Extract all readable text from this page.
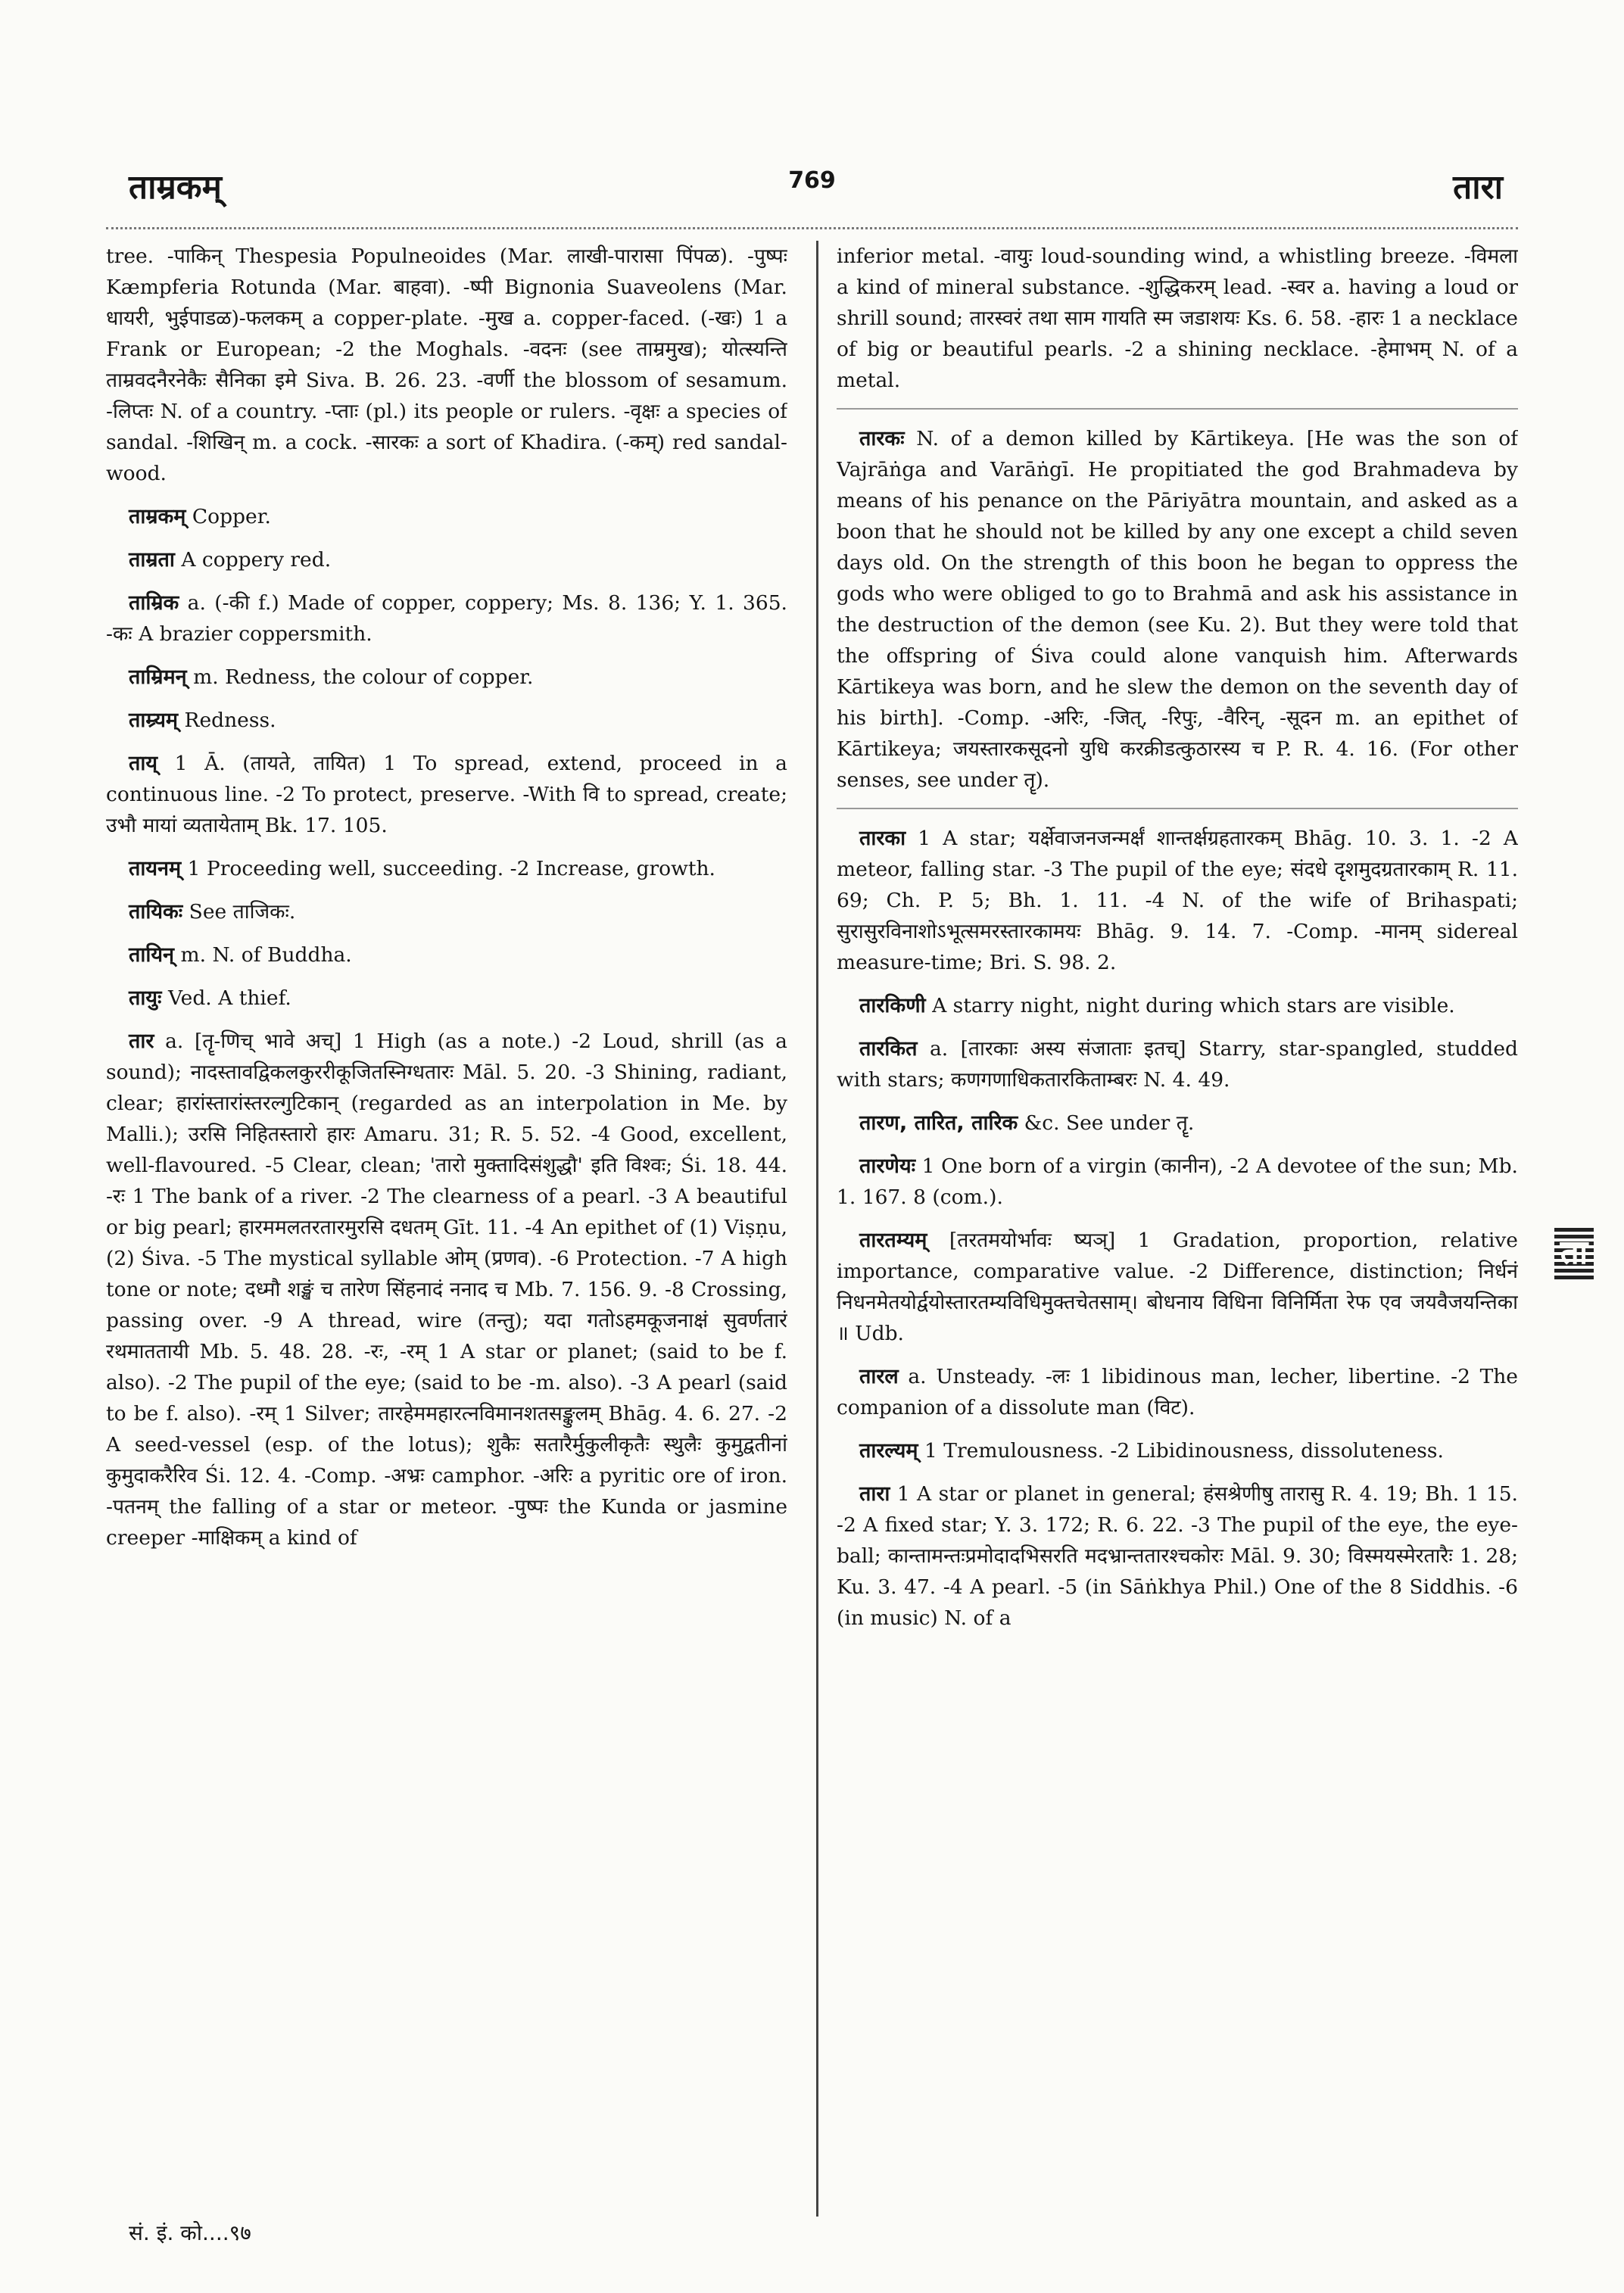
ताम्रकम्	769	तारा

tree. -पाकिन् Thespesia Populneoides (Mar. लाखी-पारासा पिंपळ). -पुष्पः Kæmpferia Rotunda (Mar. बाहवा). -ष्पी Bignonia Suaveolens (Mar. धायरी, भुईपाडळ)-फलकम् a copper-plate. -मुख a. copper-faced. (-खः) 1 a Frank or European; -2 the Moghals. -वदनः (see ताम्रमुख); योत्स्यन्ति ताम्रवदनैरनेकैः सैनिका इमे Siva. B. 26. 23. -वर्णी the blossom of sesamum. -लिप्तः N. of a country. -प्ताः (pl.) its people or rulers. -वृक्षः a species of sandal. -शिखिन् m. a cock. -सारकः a sort of Khadira. (-कम्) red sandal-wood.

ताम्रकम् Copper.

ताम्रता A coppery red.

ताम्रिक a. (-की f.) Made of copper, coppery; Ms. 8. 136; Y. 1. 365. -कः A brazier coppersmith.

ताम्रिमन् m. Redness, the colour of copper.

ताम्र्यम् Redness.

ताय् 1 Ā. (तायते, तायित) 1 To spread, extend, proceed in a continuous line. -2 To protect, preserve. -With वि to spread, create; उभौ मायां व्यतायेताम् Bk. 17. 105.

तायनम् 1 Proceeding well, succeeding. -2 Increase, growth.

तायिकः See ताजिकः.

तायिन् m. N. of Buddha.

तायुः Ved. A thief.

तार a. [तॄ-णिच् भावे अच्] 1 High (as a note.) -2 Loud, shrill (as a sound); नादस्तावद्विकलकुररीकूजितस्निग्धतारः Māl. 5. 20. -3 Shining, radiant, clear; हारांस्तारांस्तरल्गुटिकान् (regarded as an interpolation in Me. by Malli.); उरसि निहितस्तारो हारः Amaru. 31; R. 5. 52. -4 Good, excellent, well-flavoured. -5 Clear, clean; 'तारो मुक्तादिसंशुद्धौ' इति विश्वः; Śi. 18. 44. -रः 1 The bank of a river. -2 The clearness of a pearl. -3 A beautiful or big pearl; हारममलतरतारमुरसि दधतम् Gīt. 11. -4 An epithet of (1) Viṣṇu, (2) Śiva. -5 The mystical syllable ओम् (प्रणव). -6 Protection. -7 A high tone or note; दध्मौ शङ्खं च तारेण सिंहनादं ननाद च Mb. 7. 156. 9. -8 Crossing, passing over. -9 A thread, wire (तन्तु); यदा गतोऽहमकूजनाक्षं सुवर्णतारं रथमाततायी Mb. 5. 48. 28. -रः, -रम् 1 A star or planet; (said to be f. also). -2 The pupil of the eye; (said to be -m. also). -3 A pearl (said to be f. also). -रम् 1 Silver; तारहेममहारत्नविमानशतसङ्कुलम् Bhāg. 4. 6. 27. -2 A seed-vessel (esp. of the lotus); शुकैः सतारैर्मुकुलीकृतैः स्थुलैः कुमुद्वतीनां कुमुदाकरैरिव Śi. 12. 4. -Comp. -अभ्रः camphor. -अरिः a pyritic ore of iron. -पतनम् the falling of a star or meteor. -पुष्पः the Kunda or jasmine creeper -माक्षिकम् a kind of

inferior metal. -वायुः loud-sounding wind, a whistling breeze. -विमला a kind of mineral substance. -शुद्धिकरम् lead. -स्वर a. having a loud or shrill sound; तारस्वरं तथा साम गायति स्म जडाशयः Ks. 6. 58. -हारः 1 a necklace of big or beautiful pearls. -2 a shining necklace. -हेमाभम् N. of a metal.

तारकः N. of a demon killed by Kārtikeya. [He was the son of Vajrāṅga and Varāṅgī. He propitiated the god Brahmadeva by means of his penance on the Pāriyātra mountain, and asked as a boon that he should not be killed by any one except a child seven days old. On the strength of this boon he began to oppress the gods who were obliged to go to Brahmā and ask his assistance in the destruction of the demon (see Ku. 2). But they were told that the offspring of Śiva could alone vanquish him. Afterwards Kārtikeya was born, and he slew the demon on the seventh day of his birth]. -Comp. -अरिः, -जित्, -रिपुः, -वैरिन्, -सूदन m. an epithet of Kārtikeya; जयस्तारकसूदनो युधि करक्रीडत्कुठारस्य च P. R. 4. 16. (For other senses, see under तॄ).

तारका 1 A star; यर्क्षेवाजनजन्मर्क्षं शान्तर्क्षग्रहतारकम् Bhāg. 10. 3. 1. -2 A meteor, falling star. -3 The pupil of the eye; संदधे दृशमुदग्रतारकाम् R. 11. 69; Ch. P. 5; Bh. 1. 11. -4 N. of the wife of Brihaspati; सुरासुरविनाशोऽभूत्समरस्तारकामयः Bhāg. 9. 14. 7. -Comp. -मानम् sidereal measure-time; Bri. S. 98. 2.

तारकिणी A starry night, night during which stars are visible.

तारकित a. [तारकाः अस्य संजाताः इतच्] Starry, star-spangled, studded with stars; कणगणाधिकतारकिताम्बरः N. 4. 49.

तारण, तारित, तारिक &c. See under तॄ.

तारणेयः 1 One born of a virgin (कानीन), -2 A devotee of the sun; Mb. 1. 167. 8 (com.).

तारतम्यम् [तरतमयोर्भावः ष्यञ्] 1 Gradation, proportion, relative importance, comparative value. -2 Difference, distinction; निर्धनं निधनमेतयोर्द्वयोस्तारतम्यविधिमुक्तचेतसाम्। बोधनाय विधिना विनिर्मिता रेफ एव जयवैजयन्तिका ॥ Udb.

तारल a. Unsteady. -लः 1 libidinous man, lecher, libertine. -2 The companion of a dissolute man (विट).

तारल्यम् 1 Tremulousness. -2 Libidinousness, dissoluteness.

तारा 1 A star or planet in general; हंसश्रेणीषु तारासु R. 4. 19; Bh. 1 15. -2 A fixed star; Y. 3. 172; R. 6. 22. -3 The pupil of the eye, the eye-ball; कान्तामन्तःप्रमोदादभिसरति मदभ्रान्ततारश्चकोरः Māl. 9. 30; विस्मयस्मेरतारैः 1. 28; Ku. 3. 47. -4 A pearl. -5 (in Sāṅkhya Phil.) One of the 8 Siddhis. -6 (in music) N. of a

सं. इं. को....९७
ता
